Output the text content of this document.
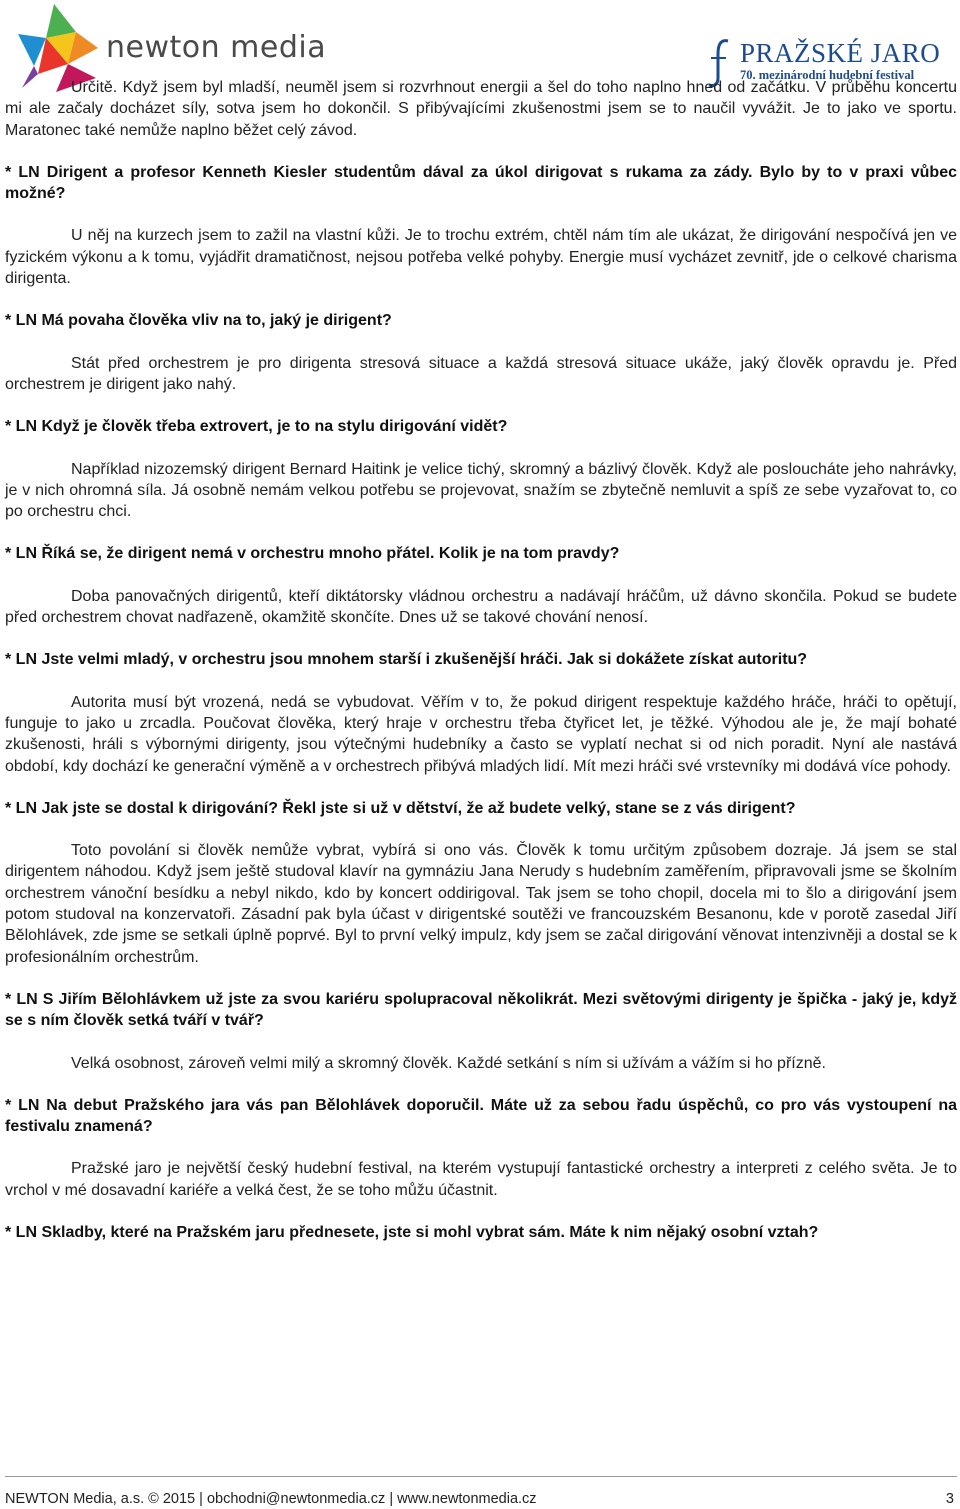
newton media	PRAŽSKÉ JARO
70. mezinárodní hudební festival

Určitě. Když jsem byl mladší, neuměl jsem si rozvrhnout energii a šel do toho naplno hned od začátku. V průběhu koncertu mi ale začaly docházet síly, sotva jsem ho dokončil. S přibývajícími zkušenostmi jsem se to naučil vyvážit. Je to jako ve sportu. Maratonec také nemůže naplno běžet celý závod.

* LN Dirigent a profesor Kenneth Kiesler studentům dával za úkol dirigovat s rukama za zády. Bylo by to v praxi vůbec možné?

U něj na kurzech jsem to zažil na vlastní kůži. Je to trochu extrém, chtěl nám tím ale ukázat, že dirigování nespočívá jen ve fyzickém výkonu a k tomu, vyjádřit dramatičnost, nejsou potřeba velké pohyby. Energie musí vycházet zevnitř, jde o celkové charisma dirigenta.

* LN Má povaha člověka vliv na to, jaký je dirigent?

Stát před orchestrem je pro dirigenta stresová situace a každá stresová situace ukáže, jaký člověk opravdu je. Před orchestrem je dirigent jako nahý.

* LN Když je člověk třeba extrovert, je to na stylu dirigování vidět?

Například nizozemský dirigent Bernard Haitink je velice tichý, skromný a bázlivý člověk. Když ale posloucháte jeho nahrávky, je v nich ohromná síla. Já osobně nemám velkou potřebu se projevovat, snažím se zbytečně nemluvit a spíš ze sebe vyzařovat to, co po orchestru chci.

* LN Říká se, že dirigent nemá v orchestru mnoho přátel. Kolik je na tom pravdy?

Doba panovačných dirigentů, kteří diktátorsky vládnou orchestru a nadávají hráčům, už dávno skončila. Pokud se budete před orchestrem chovat nadřazeně, okamžitě skončíte. Dnes už se takové chování nenosí.

* LN Jste velmi mladý, v orchestru jsou mnohem starší i zkušenější hráči. Jak si dokážete získat autoritu?

Autorita musí být vrozená, nedá se vybudovat. Věřím v to, že pokud dirigent respektuje každého hráče, hráči to opětují, funguje to jako u zrcadla. Poučovat člověka, který hraje v orchestru třeba čtyřicet let, je těžké. Výhodou ale je, že mají bohaté zkušenosti, hráli s výbornými dirigenty, jsou výtečnými hudebníky a často se vyplatí nechat si od nich poradit. Nyní ale nastává období, kdy dochází ke generační výměně a v orchestrech přibývá mladých lidí. Mít mezi hráči své vrstevníky mi dodává více pohody.

* LN Jak jste se dostal k dirigování? Řekl jste si už v dětství, že až budete velký, stane se z vás dirigent?

Toto povolání si člověk nemůže vybrat, vybírá si ono vás. Člověk k tomu určitým způsobem dozraje. Já jsem se stal dirigentem náhodou. Když jsem ještě studoval klavír na gymnáziu Jana Nerudy s hudebním zaměřením, připravovali jsme se školním orchestrem vánoční besídku a nebyl nikdo, kdo by koncert oddirigoval. Tak jsem se toho chopil, docela mi to šlo a dirigování jsem potom studoval na konzervatoři. Zásadní pak byla účast v dirigentské soutěži ve francouzském Besanonu, kde v porotě zasedal Jiří Bělohlávek, zde jsme se setkali úplně poprvé. Byl to první velký impulz, kdy jsem se začal dirigování věnovat intenzivněji a dostal se k profesionálním orchestrům.

* LN S Jiřím Bělohlávkem už jste za svou kariéru spolupracoval několikrát. Mezi světovými dirigenty je špička - jaký je, když se s ním člověk setká tváří v tvář?

Velká osobnost, zároveň velmi milý a skromný člověk. Každé setkání s ním si užívám a vážím si ho přízně.

* LN Na debut Pražského jara vás pan Bělohlávek doporučil. Máte už za sebou řadu úspěchů, co pro vás vystoupení na festivalu znamená?

Pražské jaro je největší český hudební festival, na kterém vystupují fantastické orchestry a interpreti z celého světa. Je to vrchol v mé dosavadní kariéře a velká čest, že se toho můžu účastnit.

* LN Skladby, které na Pražském jaru přednesete, jste si mohl vybrat sám. Máte k nim nějaký osobní vztah?

NEWTON Media, a.s. © 2015 | obchodni@newtonmedia.cz | www.newtonmedia.cz	3
